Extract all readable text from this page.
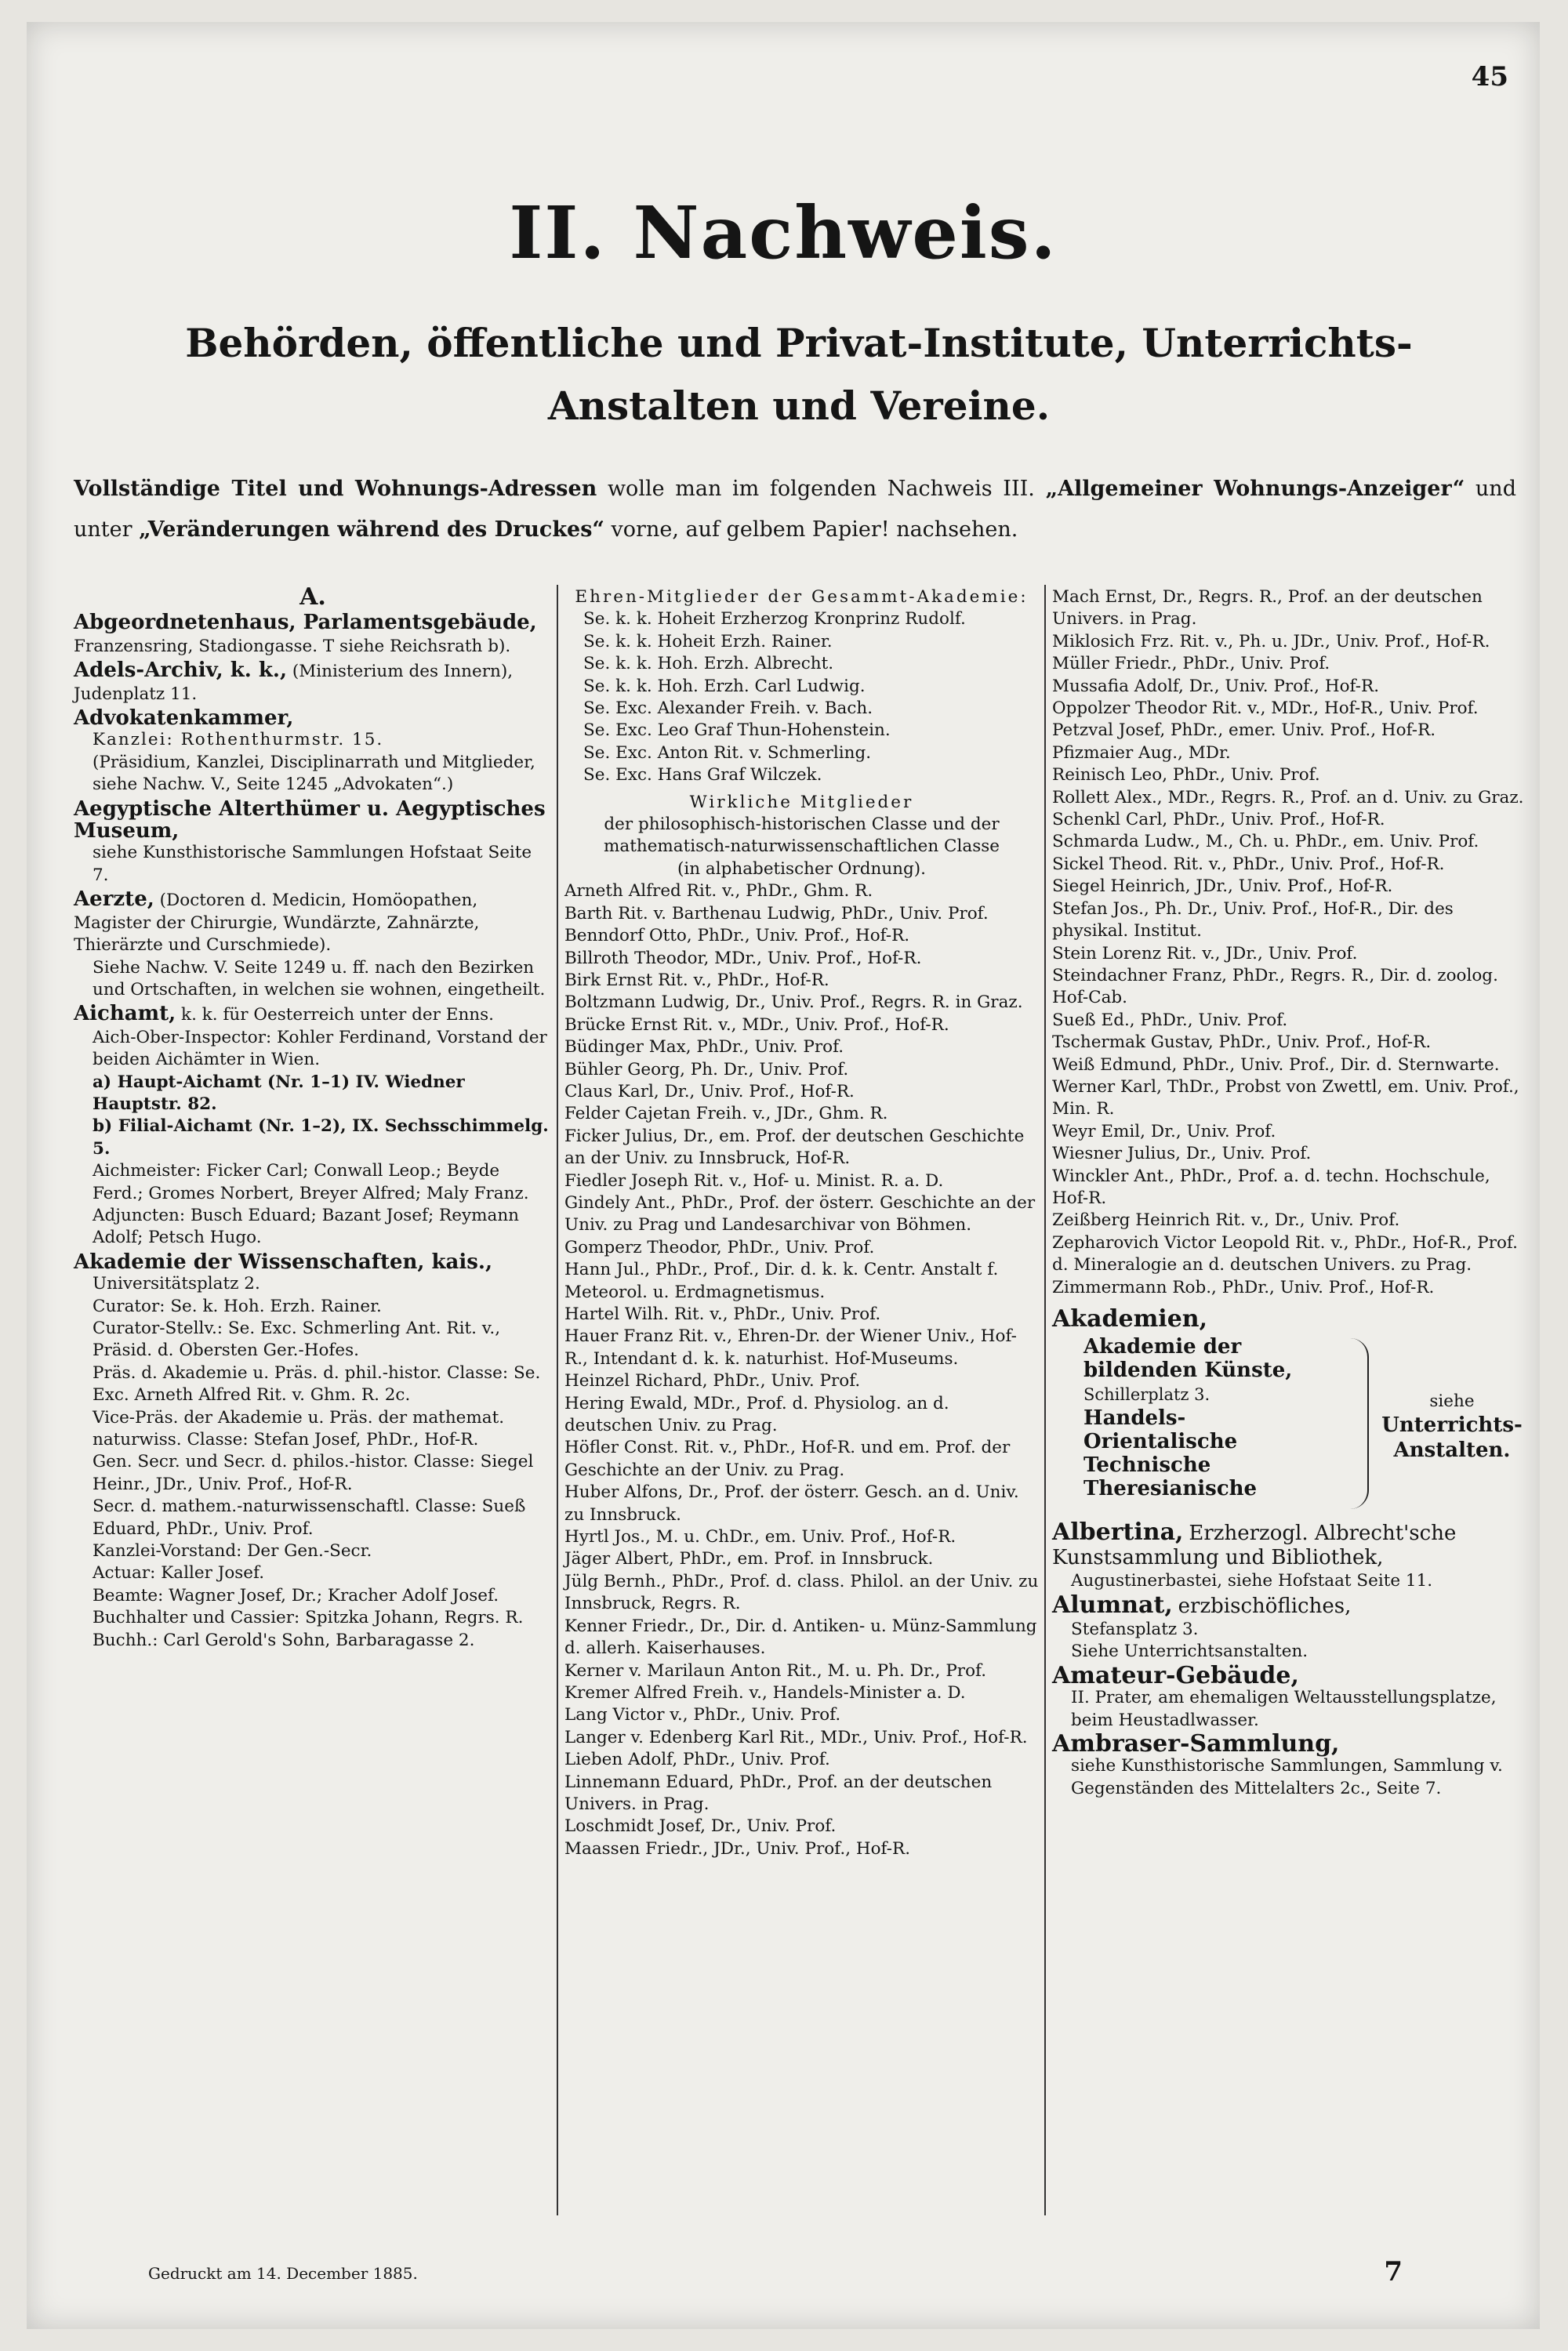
45
II. Nachweis.
Behörden, öffentliche und Privat-Institute, Unterrichts-Anstalten und Vereine.
Vollständige Titel und Wohnungs-Adressen wolle man im folgenden Nachweis III. „Allgemeiner Wohnungs-Anzeiger“ und unter „Veränderungen während des Druckes“ vorne, auf gelbem Papier! nachsehen.
A.
Abgeordnetenhaus, Parlamentsgebäude, Franzensring, Stadiongasse. T siehe Reichsrath b).
Adels-Archiv, k. k., (Ministerium des Innern), Judenplatz 11.
Advokatenkammer,
Kanzlei: Rothenthurmstr. 15.
(Präsidium, Kanzlei, Disciplinarrath und Mitglieder, siehe Nachw. V., Seite 1245 „Advokaten“.)
Aegyptische Alterthümer u. Aegyptisches Museum,
siehe Kunsthistorische Sammlungen Hofstaat Seite 7.
Aerzte, (Doctoren d. Medicin, Homöopathen, Magister der Chirurgie, Wundärzte, Zahnärzte, Thierärzte und Curschmiede).
Siehe Nachw. V. Seite 1249 u. ff. nach den Bezirken und Ortschaften, in welchen sie wohnen, eingetheilt.
Aichamt, k. k. für Oesterreich unter der Enns.
Aich-Ober-Inspector: Kohler Ferdinand, Vorstand der beiden Aichämter in Wien.
a) Haupt-Aichamt (Nr. 1–1) IV. Wiedner Hauptstr. 82.
b) Filial-Aichamt (Nr. 1–2), IX. Sechsschimmelg. 5.
Aichmeister: Ficker Carl; Conwall Leop.; Beyde Ferd.; Gromes Norbert, Breyer Alfred; Maly Franz.
Adjuncten: Busch Eduard; Bazant Josef; Reymann Adolf; Petsch Hugo.
Akademie der Wissenschaften, kais.,
Universitätsplatz 2.
Curator: Se. k. Hoh. Erzh. Rainer.
Curator-Stellv.: Se. Exc. Schmerling Ant. Rit. v., Präsid. d. Obersten Ger.-Hofes.
Präs. d. Akademie u. Präs. d. phil.-histor. Classe: Se. Exc. Arneth Alfred Rit. v. Ghm. R. 2c.
Vice-Präs. der Akademie u. Präs. der mathemat. naturwiss. Classe: Stefan Josef, PhDr., Hof-R.
Gen. Secr. und Secr. d. philos.-histor. Classe: Siegel Heinr., JDr., Univ. Prof., Hof-R.
Secr. d. mathem.-naturwissenschaftl. Classe: Sueß Eduard, PhDr., Univ. Prof.
Kanzlei-Vorstand: Der Gen.-Secr.
Actuar: Kaller Josef.
Beamte: Wagner Josef, Dr.; Kracher Adolf Josef.
Buchhalter und Cassier: Spitzka Johann, Regrs. R.
Buchh.: Carl Gerold's Sohn, Barbaragasse 2.
Ehren-Mitglieder der Gesammt-Akademie:
Se. k. k. Hoheit Erzherzog Kronprinz Rudolf.
Se. k. k. Hoheit Erzh. Rainer.
Se. k. k. Hoh. Erzh. Albrecht.
Se. k. k. Hoh. Erzh. Carl Ludwig.
Se. Exc. Alexander Freih. v. Bach.
Se. Exc. Leo Graf Thun-Hohenstein.
Se. Exc. Anton Rit. v. Schmerling.
Se. Exc. Hans Graf Wilczek.
Wirkliche Mitglieder
der philosophisch-historischen Classe und der mathematisch-naturwissenschaftlichen Classe
(in alphabetischer Ordnung).
Arneth Alfred Rit. v., PhDr., Ghm. R.
Barth Rit. v. Barthenau Ludwig, PhDr., Univ. Prof.
Benndorf Otto, PhDr., Univ. Prof., Hof-R.
Billroth Theodor, MDr., Univ. Prof., Hof-R.
Birk Ernst Rit. v., PhDr., Hof-R.
Boltzmann Ludwig, Dr., Univ. Prof., Regrs. R. in Graz.
Brücke Ernst Rit. v., MDr., Univ. Prof., Hof-R.
Büdinger Max, PhDr., Univ. Prof.
Bühler Georg, Ph. Dr., Univ. Prof.
Claus Karl, Dr., Univ. Prof., Hof-R.
Felder Cajetan Freih. v., JDr., Ghm. R.
Ficker Julius, Dr., em. Prof. der deutschen Geschichte an der Univ. zu Innsbruck, Hof-R.
Fiedler Joseph Rit. v., Hof- u. Minist. R. a. D.
Gindely Ant., PhDr., Prof. der österr. Geschichte an der Univ. zu Prag und Landesarchivar von Böhmen.
Gomperz Theodor, PhDr., Univ. Prof.
Hann Jul., PhDr., Prof., Dir. d. k. k. Centr. Anstalt f. Meteorol. u. Erdmagnetismus.
Hartel Wilh. Rit. v., PhDr., Univ. Prof.
Hauer Franz Rit. v., Ehren-Dr. der Wiener Univ., Hof-R., Intendant d. k. k. naturhist. Hof-Museums.
Heinzel Richard, PhDr., Univ. Prof.
Hering Ewald, MDr., Prof. d. Physiolog. an d. deutschen Univ. zu Prag.
Höfler Const. Rit. v., PhDr., Hof-R. und em. Prof. der Geschichte an der Univ. zu Prag.
Huber Alfons, Dr., Prof. der österr. Gesch. an d. Univ. zu Innsbruck.
Hyrtl Jos., M. u. ChDr., em. Univ. Prof., Hof-R.
Jäger Albert, PhDr., em. Prof. in Innsbruck.
Jülg Bernh., PhDr., Prof. d. class. Philol. an der Univ. zu Innsbruck, Regrs. R.
Kenner Friedr., Dr., Dir. d. Antiken- u. Münz-Sammlung d. allerh. Kaiserhauses.
Kerner v. Marilaun Anton Rit., M. u. Ph. Dr., Prof.
Kremer Alfred Freih. v., Handels-Minister a. D.
Lang Victor v., PhDr., Univ. Prof.
Langer v. Edenberg Karl Rit., MDr., Univ. Prof., Hof-R.
Lieben Adolf, PhDr., Univ. Prof.
Linnemann Eduard, PhDr., Prof. an der deutschen Univers. in Prag.
Loschmidt Josef, Dr., Univ. Prof.
Maassen Friedr., JDr., Univ. Prof., Hof-R.
Mach Ernst, Dr., Regrs. R., Prof. an der deutschen Univers. in Prag.
Miklosich Frz. Rit. v., Ph. u. JDr., Univ. Prof., Hof-R.
Müller Friedr., PhDr., Univ. Prof.
Mussafia Adolf, Dr., Univ. Prof., Hof-R.
Oppolzer Theodor Rit. v., MDr., Hof-R., Univ. Prof.
Petzval Josef, PhDr., emer. Univ. Prof., Hof-R.
Pfizmaier Aug., MDr.
Reinisch Leo, PhDr., Univ. Prof.
Rollett Alex., MDr., Regrs. R., Prof. an d. Univ. zu Graz.
Schenkl Carl, PhDr., Univ. Prof., Hof-R.
Schmarda Ludw., M., Ch. u. PhDr., em. Univ. Prof.
Sickel Theod. Rit. v., PhDr., Univ. Prof., Hof-R.
Siegel Heinrich, JDr., Univ. Prof., Hof-R.
Stefan Jos., Ph. Dr., Univ. Prof., Hof-R., Dir. des physikal. Institut.
Stein Lorenz Rit. v., JDr., Univ. Prof.
Steindachner Franz, PhDr., Regrs. R., Dir. d. zoolog. Hof-Cab.
Sueß Ed., PhDr., Univ. Prof.
Tschermak Gustav, PhDr., Univ. Prof., Hof-R.
Weiß Edmund, PhDr., Univ. Prof., Dir. d. Sternwarte.
Werner Karl, ThDr., Probst von Zwettl, em. Univ. Prof., Min. R.
Weyr Emil, Dr., Univ. Prof.
Wiesner Julius, Dr., Univ. Prof.
Winckler Ant., PhDr., Prof. a. d. techn. Hochschule, Hof-R.
Zeißberg Heinrich Rit. v., Dr., Univ. Prof.
Zepharovich Victor Leopold Rit. v., PhDr., Hof-R., Prof. d. Mineralogie an d. deutschen Univers. zu Prag.
Zimmermann Rob., PhDr., Univ. Prof., Hof-R.
Akademien,
Akademie der bildenden Künste, Schillerplatz 3.
Handels-
Orientalische
Technische
Theresianische
siehe
Unterrichts-Anstalten.
Albertina, Erzherzogl. Albrecht'sche Kunstsammlung und Bibliothek,
Augustinerbastei, siehe Hofstaat Seite 11.
Alumnat, erzbischöfliches,
Stefansplatz 3.
Siehe Unterrichtsanstalten.
Amateur-Gebäude,
II. Prater, am ehemaligen Weltausstellungsplatze, beim Heustadlwasser.
Ambraser-Sammlung,
siehe Kunsthistorische Sammlungen, Sammlung v. Gegenständen des Mittelalters 2c., Seite 7.
Gedruckt am 14. December 1885.	7
